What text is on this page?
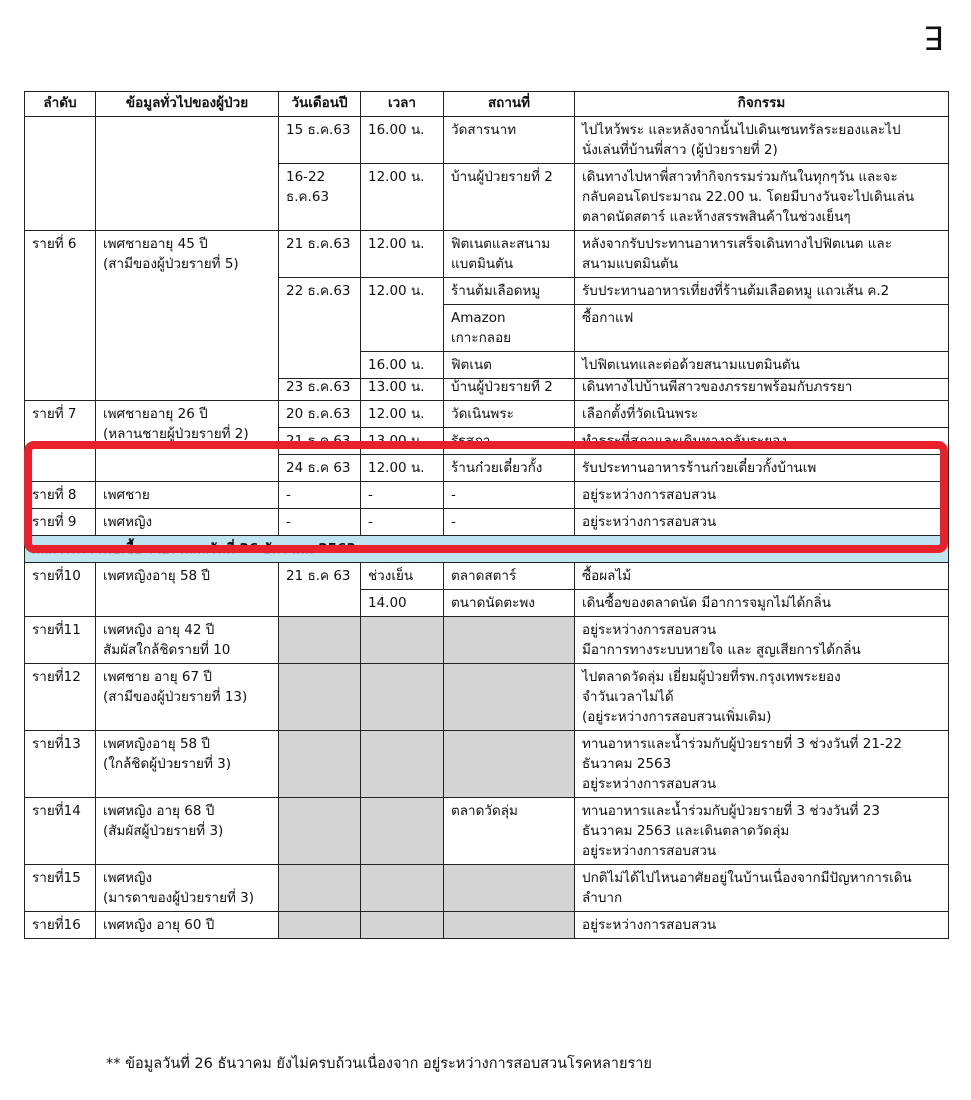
ꓱ
ลำดับ	ข้อมูลทั่วไปของผู้ป่วย	วันเดือนปี	เวลา	สถานที่	กิจกรรม
		15 ธ.ค.63	16.00 น.	วัดสารนาท	ไปไหว้พระ และหลังจากนั้นไปเดินเซนทรัลระยองและไป
นั่งเล่นที่บ้านพี่สาว (ผู้ป่วยรายที่ 2)

		16-22
ธ.ค.63	12.00 น.	บ้านผู้ป่วยรายที่ 2	เดินทางไปหาพี่สาวทำกิจกรรมร่วมกันในทุกๆวัน และจะ
กลับคอนโดประมาณ 22.00 น. โดยมีบางวันจะไปเดินเล่น
ตลาดนัดสตาร์ และห้างสรรพสินค้าในช่วงเย็นๆ

รายที่ 6	เพศชายอายุ 45 ปี
(สามีของผู้ป่วยรายที่ 5)	21 ธ.ค.63	12.00 น.	ฟิตเนตและสนาม
แบตมินตัน	หลังจากรับประทานอาหารเสร็จเดินทางไปฟิตเนต และ
สนามแบตมินตัน

		22 ธ.ค.63	12.00 น.	ร้านต้มเลือดหมู	รับประทานอาหารเที่ยงที่ร้านต้มเลือดหมู แถวเส้น ค.2

				Amazon
เกาะกลอย	ซื้อกาแฟ
			16.00 น.	ฟิตเนต	ไปฟิตเนทและต่อด้วยสนามแบตมินตัน
		23 ธ.ค.63	13.00 น.	บ้านผู้ป่วยรายที่ 2	เดินทางไปบ้านพี่สาวของภรรยาพร้อมกับภรรยา
รายที่ 7	เพศชายอายุ 26 ปี
(หลานชายผู้ป่วยรายที่ 2)	20 ธ.ค.63	12.00 น.	วัดเนินพระ	เลือกตั้งที่วัดเนินพระ
		21 ธ.ค 63	13.00 น.	รัฐสภา	ทำธุระที่สภาและเดินทางกลับระยอง
		24 ธ.ค 63	12.00 น.	ร้านก๋วยเตี๋ยวกั้ง	รับประทานอาหารร้านก๋วยเตี๋ยวกั้งบ้านเพ
รายที่ 8	เพศชาย	-	-	-	อยู่ระหว่างการสอบสวน
รายที่ 9	เพศหญิง	-	-	-	อยู่ระหว่างการสอบสวน
ผลการตรวจพบเชื้อ รายงานผลวันที่ 26 ธันวาคม 2563					
รายที่10	เพศหญิงอายุ 58 ปี	21 ธ.ค 63	ช่วงเย็น	ตลาดสตาร์	ซื้อผลไม้
			14.00	ตนาดนัดตะพง	เดินซื้อของตลาดนัด มีอาการจมูกไม่ได้กลิ่น
รายที่11	เพศหญิง อายุ 42 ปี
สัมผัสใกล้ชิดรายที่ 10				อยู่ระหว่างการสอบสวน
มีอาการทางระบบหายใจ และ สูญเสียการได้กลิ่น

รายที่12	เพศชาย อายุ 67 ปี
(สามีของผู้ป่วยรายที่ 13)				ไปตลาดวัดลุ่ม เยี่ยมผู้ป่วยที่รพ.กรุงเทพระยอง
จำวันเวลาไม่ได้
(อยู่ระหว่างการสอบสวนเพิ่มเติม)

รายที่13	เพศหญิงอายุ 58 ปี
(ใกล้ชิดผู้ป่วยรายที่ 3)				ทานอาหารและน้ำร่วมกับผู้ป่วยรายที่ 3 ช่วงวันที่ 21-22
ธันวาคม 2563
อยู่ระหว่างการสอบสวน

รายที่14	เพศหญิง อายุ 68 ปี
(สัมผัสผู้ป่วยรายที่ 3)			ตลาดวัดลุ่ม	ทานอาหารและน้ำร่วมกับผู้ป่วยรายที่ 3 ช่วงวันที่ 23
ธันวาคม 2563 และเดินตลาดวัดลุ่ม
อยู่ระหว่างการสอบสวน

รายที่15	เพศหญิง
(มารดาของผู้ป่วยรายที่ 3)				ปกติไม่ได้ไปไหนอาศัยอยู่ในบ้านเนื่องจากมีปัญหาการเดิน
ลำบาก

รายที่16	เพศหญิง อายุ 60 ปี				อยู่ระหว่างการสอบสวน
** ข้อมูลวันที่ 26 ธันวาคม ยังไม่ครบถ้วนเนื่องจาก อยู่ระหว่างการสอบสวนโรคหลายราย
